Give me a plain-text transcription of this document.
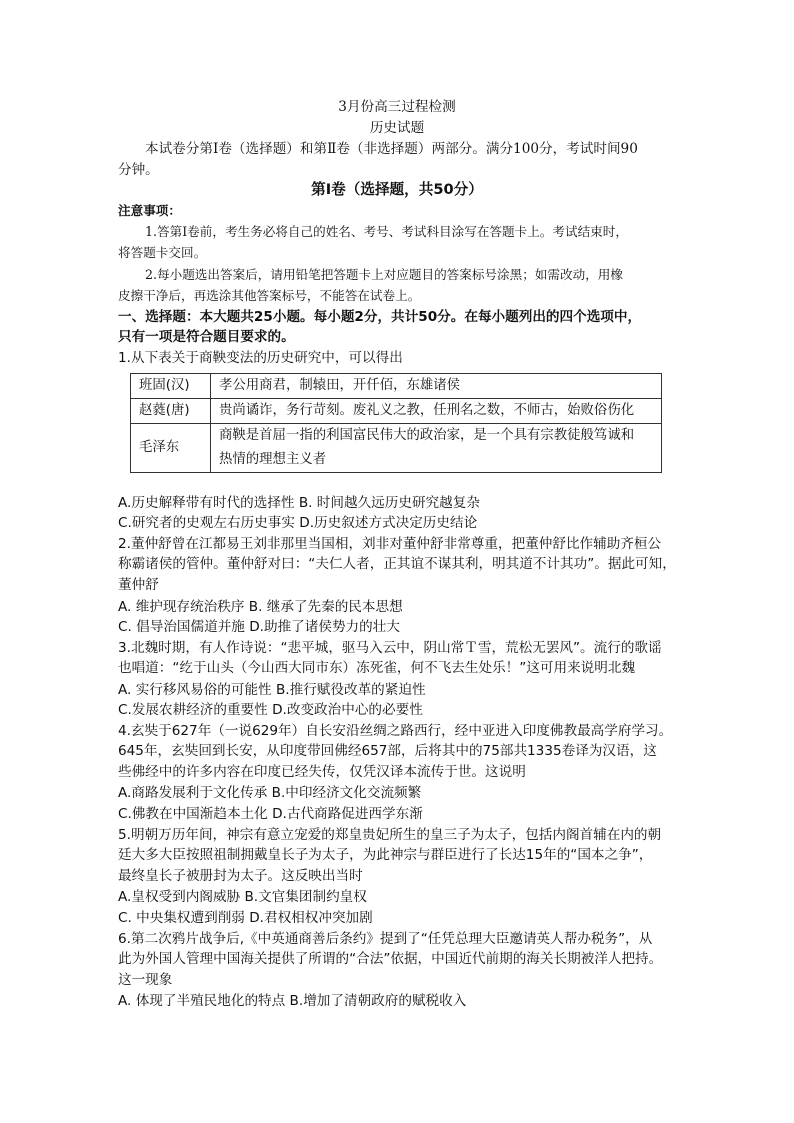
3月份高三过程检测
历史试题
本试卷分第Ⅰ卷（选择题）和第Ⅱ卷（非选择题）两部分。满分100分，考试时间90
分钟。
第Ⅰ卷（选择题，共50分）
注意事项：
1.答第Ⅰ卷前，考生务必将自己的姓名、考号、考试科目涂写在答题卡上。考试结束时，
将答题卡交回。
2.每小题选出答案后，请用铅笔把答题卡上对应题目的答案标号涂黑；如需改动，用橡
皮擦干净后，再选涂其他答案标号，不能答在试卷上。
一、选择题：本大题共25小题。每小题2分，共计50分。在每小题列出的四个选项中，
只有一项是符合题目要求的。
1.从下表关于商鞅变法的历史研究中，可以得出
班固(汉)	孝公用商君，制辕田，开仟佰，东雄诸侯
赵蕤(唐)	贵尚谲诈，务行苛刻。废礼义之教，任刑名之数，不师古，始败俗伤化
毛泽东	商鞅是首屈一指的利国富民伟大的政治家，是一个具有宗教徒般笃诚和
热情的理想主义者
A.历史解释带有时代的选择性 B. 时间越久远历史研究越复杂
C.研究者的史观左右历史事实 D.历史叙述方式决定历史结论
2.董仲舒曾在江都易王刘非那里当国相，刘非对董仲舒非常尊重，把董仲舒比作辅助齐桓公
称霸诸侯的管仲。董仲舒对曰：“夫仁人者，正其谊不谋其利，明其道不计其功”。据此可知，
董仲舒
A. 维护现存统治秩序 B. 继承了先秦的民本思想
C. 倡导治国儒道并施 D.助推了诸侯势力的壮大
3.北魏时期，有人作诗说：“悲平城，驱马入云中，阴山常Ｔ雪，荒松无罢风”。流行的歌谣
也唱道：“纥于山头（今山西大同市东）冻死雀，何不飞去生处乐！”这可用来说明北魏
A. 实行移风易俗的可能性 B.推行赋役改革的紧迫性
C.发展农耕经济的重要性 D.改变政治中心的必要性
4.玄奘于627年（一说629年）自长安沿丝绸之路西行，经中亚进入印度佛教最高学府学习。
645年，玄奘回到长安，从印度带回佛经657部，后将其中的75部共1335卷译为汉语，这
些佛经中的许多内容在印度已经失传，仅凭汉译本流传于世。这说明
A.商路发展利于文化传承 B.中印经济文化交流频繁
C.佛教在中国渐趋本土化 D.古代商路促进西学东渐
5.明朝万历年间，神宗有意立宠爱的郑皇贵妃所生的皇三子为太子，包括内阁首辅在内的朝
廷大多大臣按照祖制拥戴皇长子为太子，为此神宗与群臣进行了长达15年的“国本之争”，
最终皇长子被册封为太子。这反映出当时
A.皇权受到内阁威胁 B.文官集团制约皇权
C. 中央集权遭到削弱 D.君权相权冲突加剧
6.第二次鸦片战争后,《中英通商善后条约》提到了“任凭总理大臣邀请英人帮办税务”，从
此为外国人管理中国海关提供了所谓的“合法”依据，中国近代前期的海关长期被洋人把持。
这一现象
A. 体现了半殖民地化的特点 B.增加了清朝政府的赋税收入
